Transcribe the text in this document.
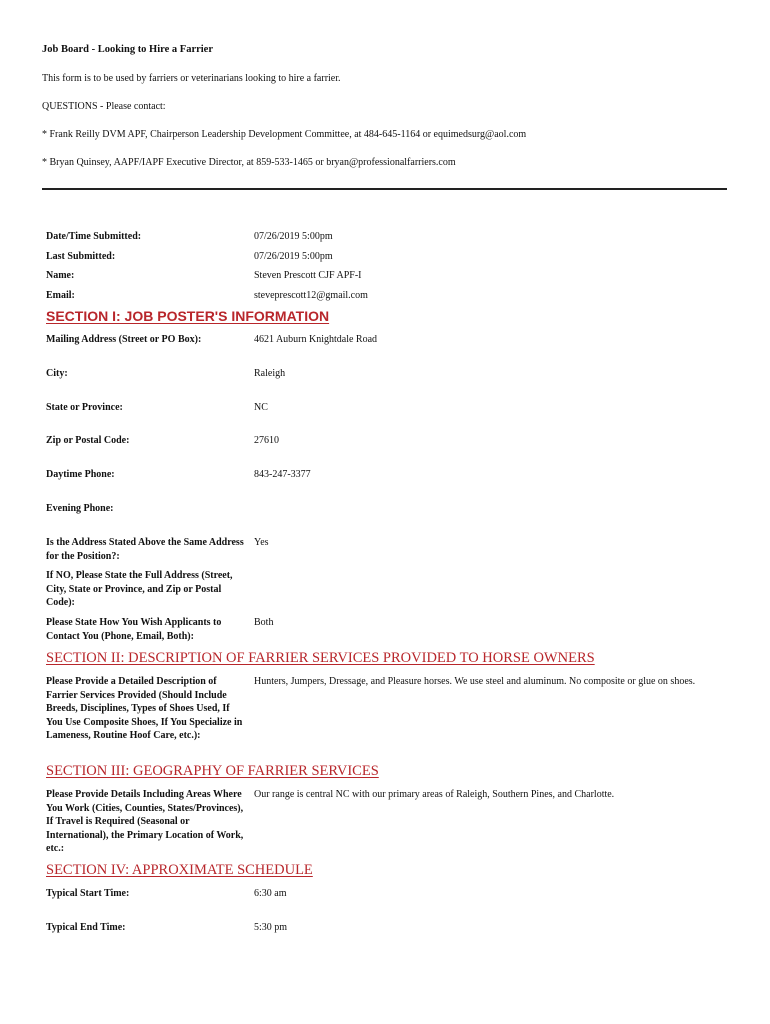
Job Board - Looking to Hire a Farrier
This form is to be used by farriers or veterinarians looking to hire a farrier.
QUESTIONS - Please contact:
* Frank Reilly DVM APF, Chairperson Leadership Development Committee, at 484-645-1164 or equimedsurg@aol.com
* Bryan Quinsey, AAPF/IAPF Executive Director, at 859-533-1465 or bryan@professionalfarriers.com
Date/Time Submitted:	07/26/2019 5:00pm
Last Submitted:	07/26/2019 5:00pm
Name:	Steven Prescott CJF APF-I
Email:	steveprescott12@gmail.com
SECTION I: JOB POSTER'S INFORMATION
Mailing Address (Street or PO Box):	4621 Auburn Knightdale Road
City:	Raleigh
State or Province:	NC
Zip or Postal Code:	27610
Daytime Phone:	843-247-3377
Evening Phone:
Is the Address Stated Above the Same Address for the Position?:
Yes
If NO, Please State the Full Address (Street, City, State or Province, and Zip or Postal Code):
Please State How You Wish Applicants to Contact You (Phone, Email, Both):
Both
SECTION II: DESCRIPTION OF FARRIER SERVICES PROVIDED TO HORSE OWNERS
Please Provide a Detailed Description of Farrier Services Provided (Should Include Breeds, Disciplines, Types of Shoes Used, If You Use Composite Shoes, If You Specialize in Lameness, Routine Hoof Care, etc.):
Hunters, Jumpers, Dressage, and Pleasure horses. We use steel and aluminum. No composite or glue on shoes.
SECTION III: GEOGRAPHY OF FARRIER SERVICES
Please Provide Details Including Areas Where You Work (Cities, Counties, States/Provinces), If Travel is Required (Seasonal or International), the Primary Location of Work, etc.:
Our range is central NC with our primary areas of Raleigh, Southern Pines, and Charlotte.
SECTION IV: APPROXIMATE SCHEDULE
Typical Start Time:	6:30 am
Typical End Time:	5:30 pm
